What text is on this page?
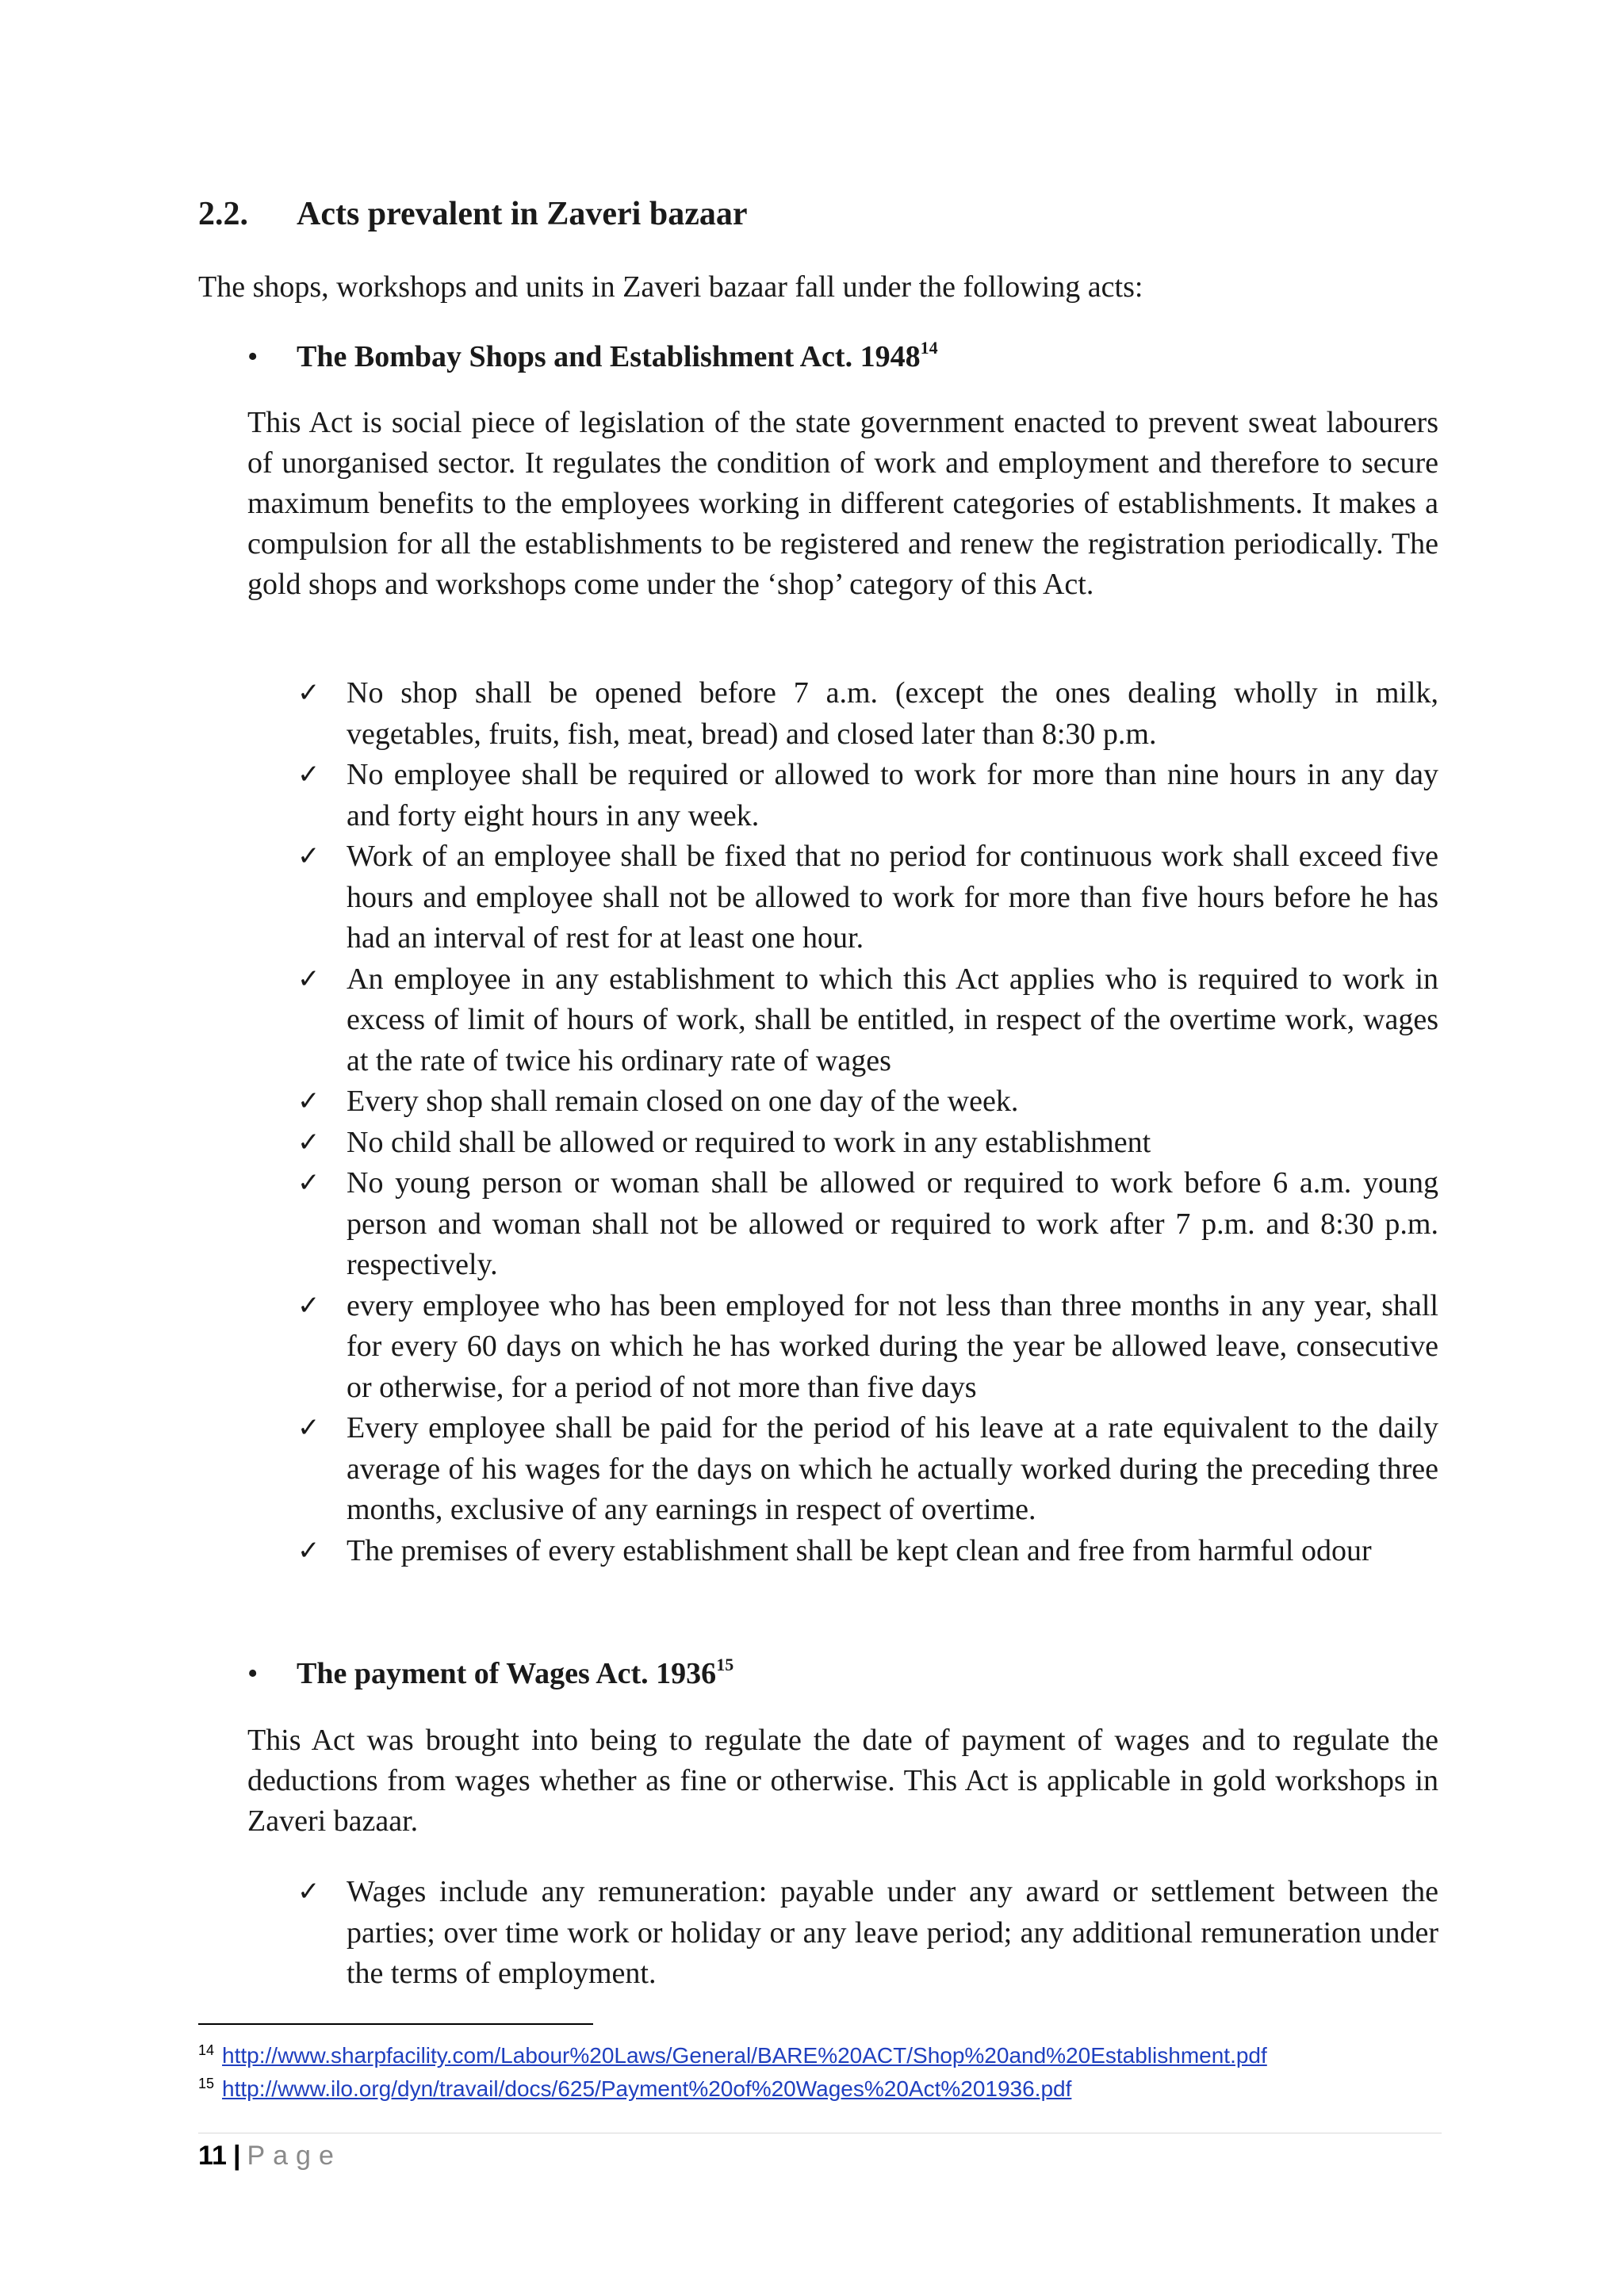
2.2. Acts prevalent in Zaveri bazaar
The shops, workshops and units in Zaveri bazaar fall under the following acts:
• The Bombay Shops and Establishment Act. 1948$^{14}$
This Act is social piece of legislation of the state government enacted to prevent sweat labourers of unorganised sector. It regulates the condition of work and employment and therefore to secure maximum benefits to the employees working in different categories of establishments. It makes a compulsion for all the establishments to be registered and renew the registration periodically. The gold shops and workshops come under the ‘shop’ category of this Act.
✓ No shop shall be opened before 7 a.m. (except the ones dealing wholly in milk, vegetables, fruits, fish, meat, bread) and closed later than 8:30 p.m.
✓ No employee shall be required or allowed to work for more than nine hours in any day and forty eight hours in any week.
✓ Work of an employee shall be fixed that no period for continuous work shall exceed five hours and employee shall not be allowed to work for more than five hours before he has had an interval of rest for at least one hour.
✓ An employee in any establishment to which this Act applies who is required to work in excess of limit of hours of work, shall be entitled, in respect of the overtime work, wages at the rate of twice his ordinary rate of wages
✓ Every shop shall remain closed on one day of the week.
✓ No child shall be allowed or required to work in any establishment
✓ No young person or woman shall be allowed or required to work before 6 a.m. young person and woman shall not be allowed or required to work after 7 p.m. and 8:30 p.m. respectively.
✓ every employee who has been employed for not less than three months in any year, shall for every 60 days on which he has worked during the year be allowed leave, consecutive or otherwise, for a period of not more than five days
✓ Every employee shall be paid for the period of his leave at a rate equivalent to the daily average of his wages for the days on which he actually worked during the preceding three months, exclusive of any earnings in respect of overtime.
✓ The premises of every establishment shall be kept clean and free from harmful odour
• The payment of Wages Act. 1936$^{15}$
This Act was brought into being to regulate the date of payment of wages and to regulate the deductions from wages whether as fine or otherwise. This Act is applicable in gold workshops in Zaveri bazaar.
✓ Wages include any remuneration: payable under any award or settlement between the parties; over time work or holiday or any leave period; any additional remuneration under the terms of employment.
$^{14}$ http://www.sharpfacility.com/Labour%20Laws/General/BARE%20ACT/Shop%20and%20Establishment.pdf
$^{15}$ http://www.ilo.org/dyn/travail/docs/625/Payment%20of%20Wages%20Act%201936.pdf
11 | Page
